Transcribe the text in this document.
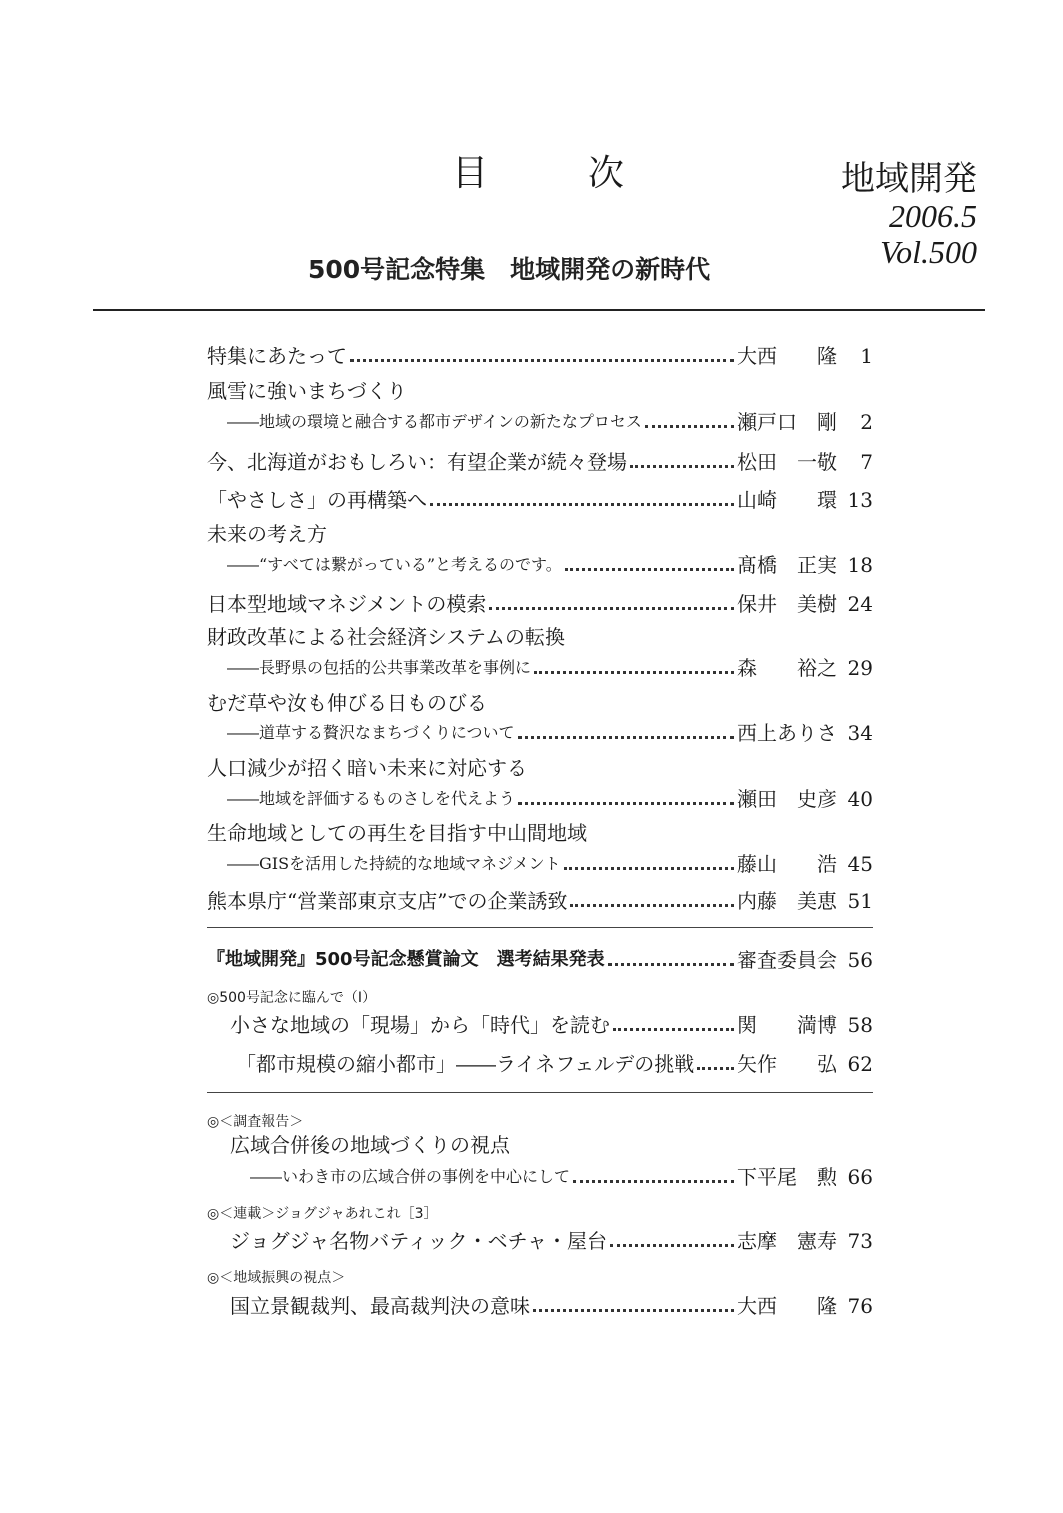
目	次	地域開発
2006.5
Vol.500
500号記念特集　地域開発の新時代
特集にあたって	大西　　隆	1
風雪に強いまちづくり
――地域の環境と融合する都市デザインの新たなプロセス	瀬戸口　剛	2
今、北海道がおもしろい：有望企業が続々登場	松田　一敬	7
「やさしさ」の再構築へ	山崎　　環 13
未来の考え方
――“すべては繋がっている”と考えるのです。	髙橋　正実 18
日本型地域マネジメントの模索	保井　美樹 24
財政改革による社会経済システムの転換
――長野県の包括的公共事業改革を事例に	森　　裕之 29
むだ草や汝も伸びる日ものびる
――道草する贅沢なまちづくりについて	西上ありさ 34
人口減少が招く暗い未来に対応する
――地域を評価するものさしを代えよう	瀬田　史彦 40
生命地域としての再生を目指す中山間地域
――GISを活用した持続的な地域マネジメント	藤山　　浩 45
熊本県庁“営業部東京支店”での企業誘致	内藤　美恵 51
『地域開発』500号記念懸賞論文　選考結果発表	審査委員会 56
◎500号記念に臨んで（Ⅰ）
小さな地域の「現場」から「時代」を読む	関　　満博 58
「都市規模の縮小都市」――ライネフェルデの挑戦 矢作　　弘 62
◎＜調査報告＞
広域合併後の地域づくりの視点
――いわき市の広域合併の事例を中心にして	下平尾　勲 66
◎＜連載＞ジョグジャあれこれ［3］
ジョグジャ名物バティック・ベチャ・屋台	志摩　憲寿 73
◎＜地域振興の視点＞
国立景観裁判、最高裁判決の意味	大西　　隆 76
